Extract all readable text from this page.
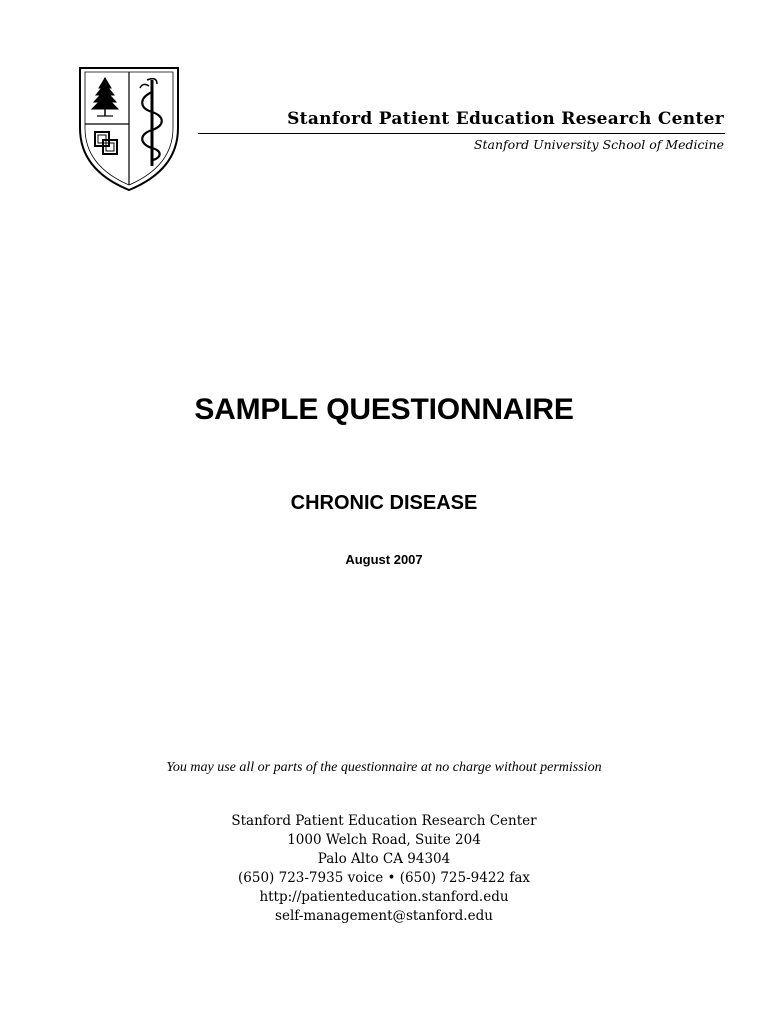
Stanford Patient Education Research Center
Stanford University School of Medicine
SAMPLE QUESTIONNAIRE
CHRONIC DISEASE
August 2007
You may use all or parts of the questionnaire at no charge without permission
Stanford Patient Education Research Center
1000 Welch Road, Suite 204
Palo Alto CA 94304
(650) 723-7935 voice • (650) 725-9422 fax
http://patienteducation.stanford.edu
self-management@stanford.edu
